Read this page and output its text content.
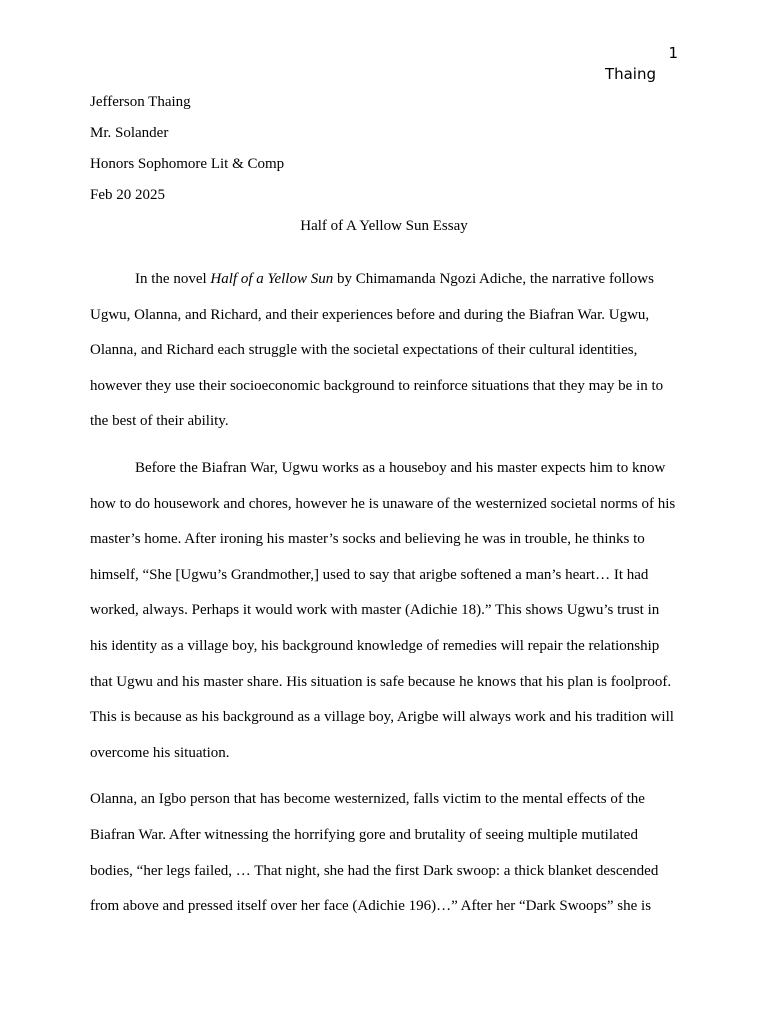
1
Thaing
Jefferson Thaing
Mr. Solander
Honors Sophomore Lit & Comp
Feb 20 2025
Half of A Yellow Sun Essay

In the novel Half of a Yellow Sun by Chimamanda Ngozi Adiche, the narrative follows Ugwu, Olanna, and Richard, and their experiences before and during the Biafran War. Ugwu, Olanna, and Richard each struggle with the societal expectations of their cultural identities, however they use their socioeconomic background to reinforce situations that they may be in to the best of their ability.

Before the Biafran War, Ugwu works as a houseboy and his master expects him to know how to do housework and chores, however he is unaware of the westernized societal norms of his master’s home. After ironing his master’s socks and believing he was in trouble, he thinks to himself, “She [Ugwu’s Grandmother,] used to say that arigbe softened a man’s heart… It had worked, always. Perhaps it would work with master (Adichie 18).” This shows Ugwu’s trust in his identity as a village boy, his background knowledge of remedies will repair the relationship that Ugwu and his master share. His situation is safe because he knows that his plan is foolproof. This is because as his background as a village boy, Arigbe will always work and his tradition will overcome his situation.

Olanna, an Igbo person that has become westernized, falls victim to the mental effects of the Biafran War. After witnessing the horrifying gore and brutality of seeing multiple mutilated bodies, “her legs failed, … That night, she had the first Dark swoop: a thick blanket descended from above and pressed itself over her face (Adichie 196)…” After her “Dark Swoops” she is
